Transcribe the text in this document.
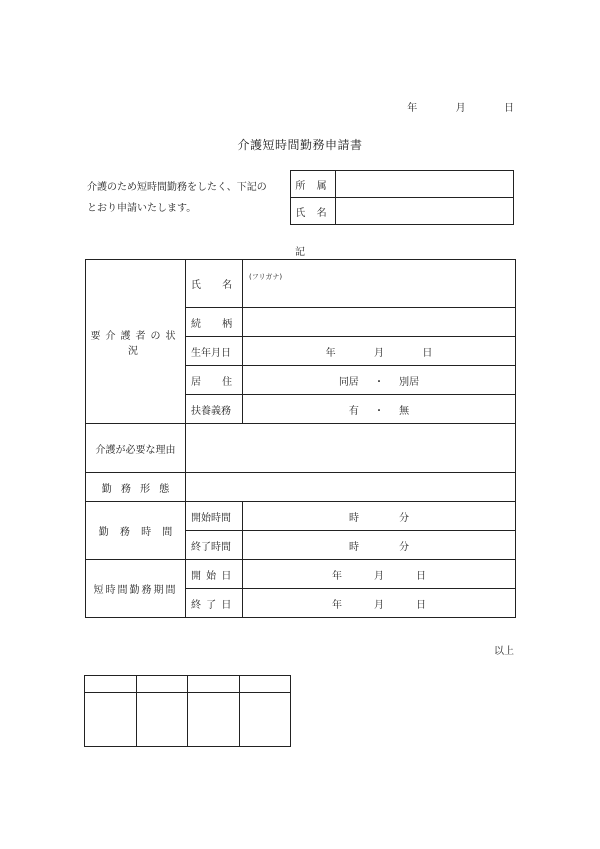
年	月	日
介護短時間勤務申請書
介護のため短時間勤務をしたく、下記の
とおり申請いたします。
所 属	
氏 名	
記
要介護者の状況	氏 名	(フリガナ)

	続 柄	
	生年月日	年 月 日
	居 住	同居 ・ 別居
	扶養義務	有 ・ 無
介護が必要な理由		
勤 務 形 態		
勤 務 時 間	開始時間	時 分
	終了時間	時 分
短時間勤務期間	開 始 日	年 月 日
	終 了 日	年 月 日
以上
